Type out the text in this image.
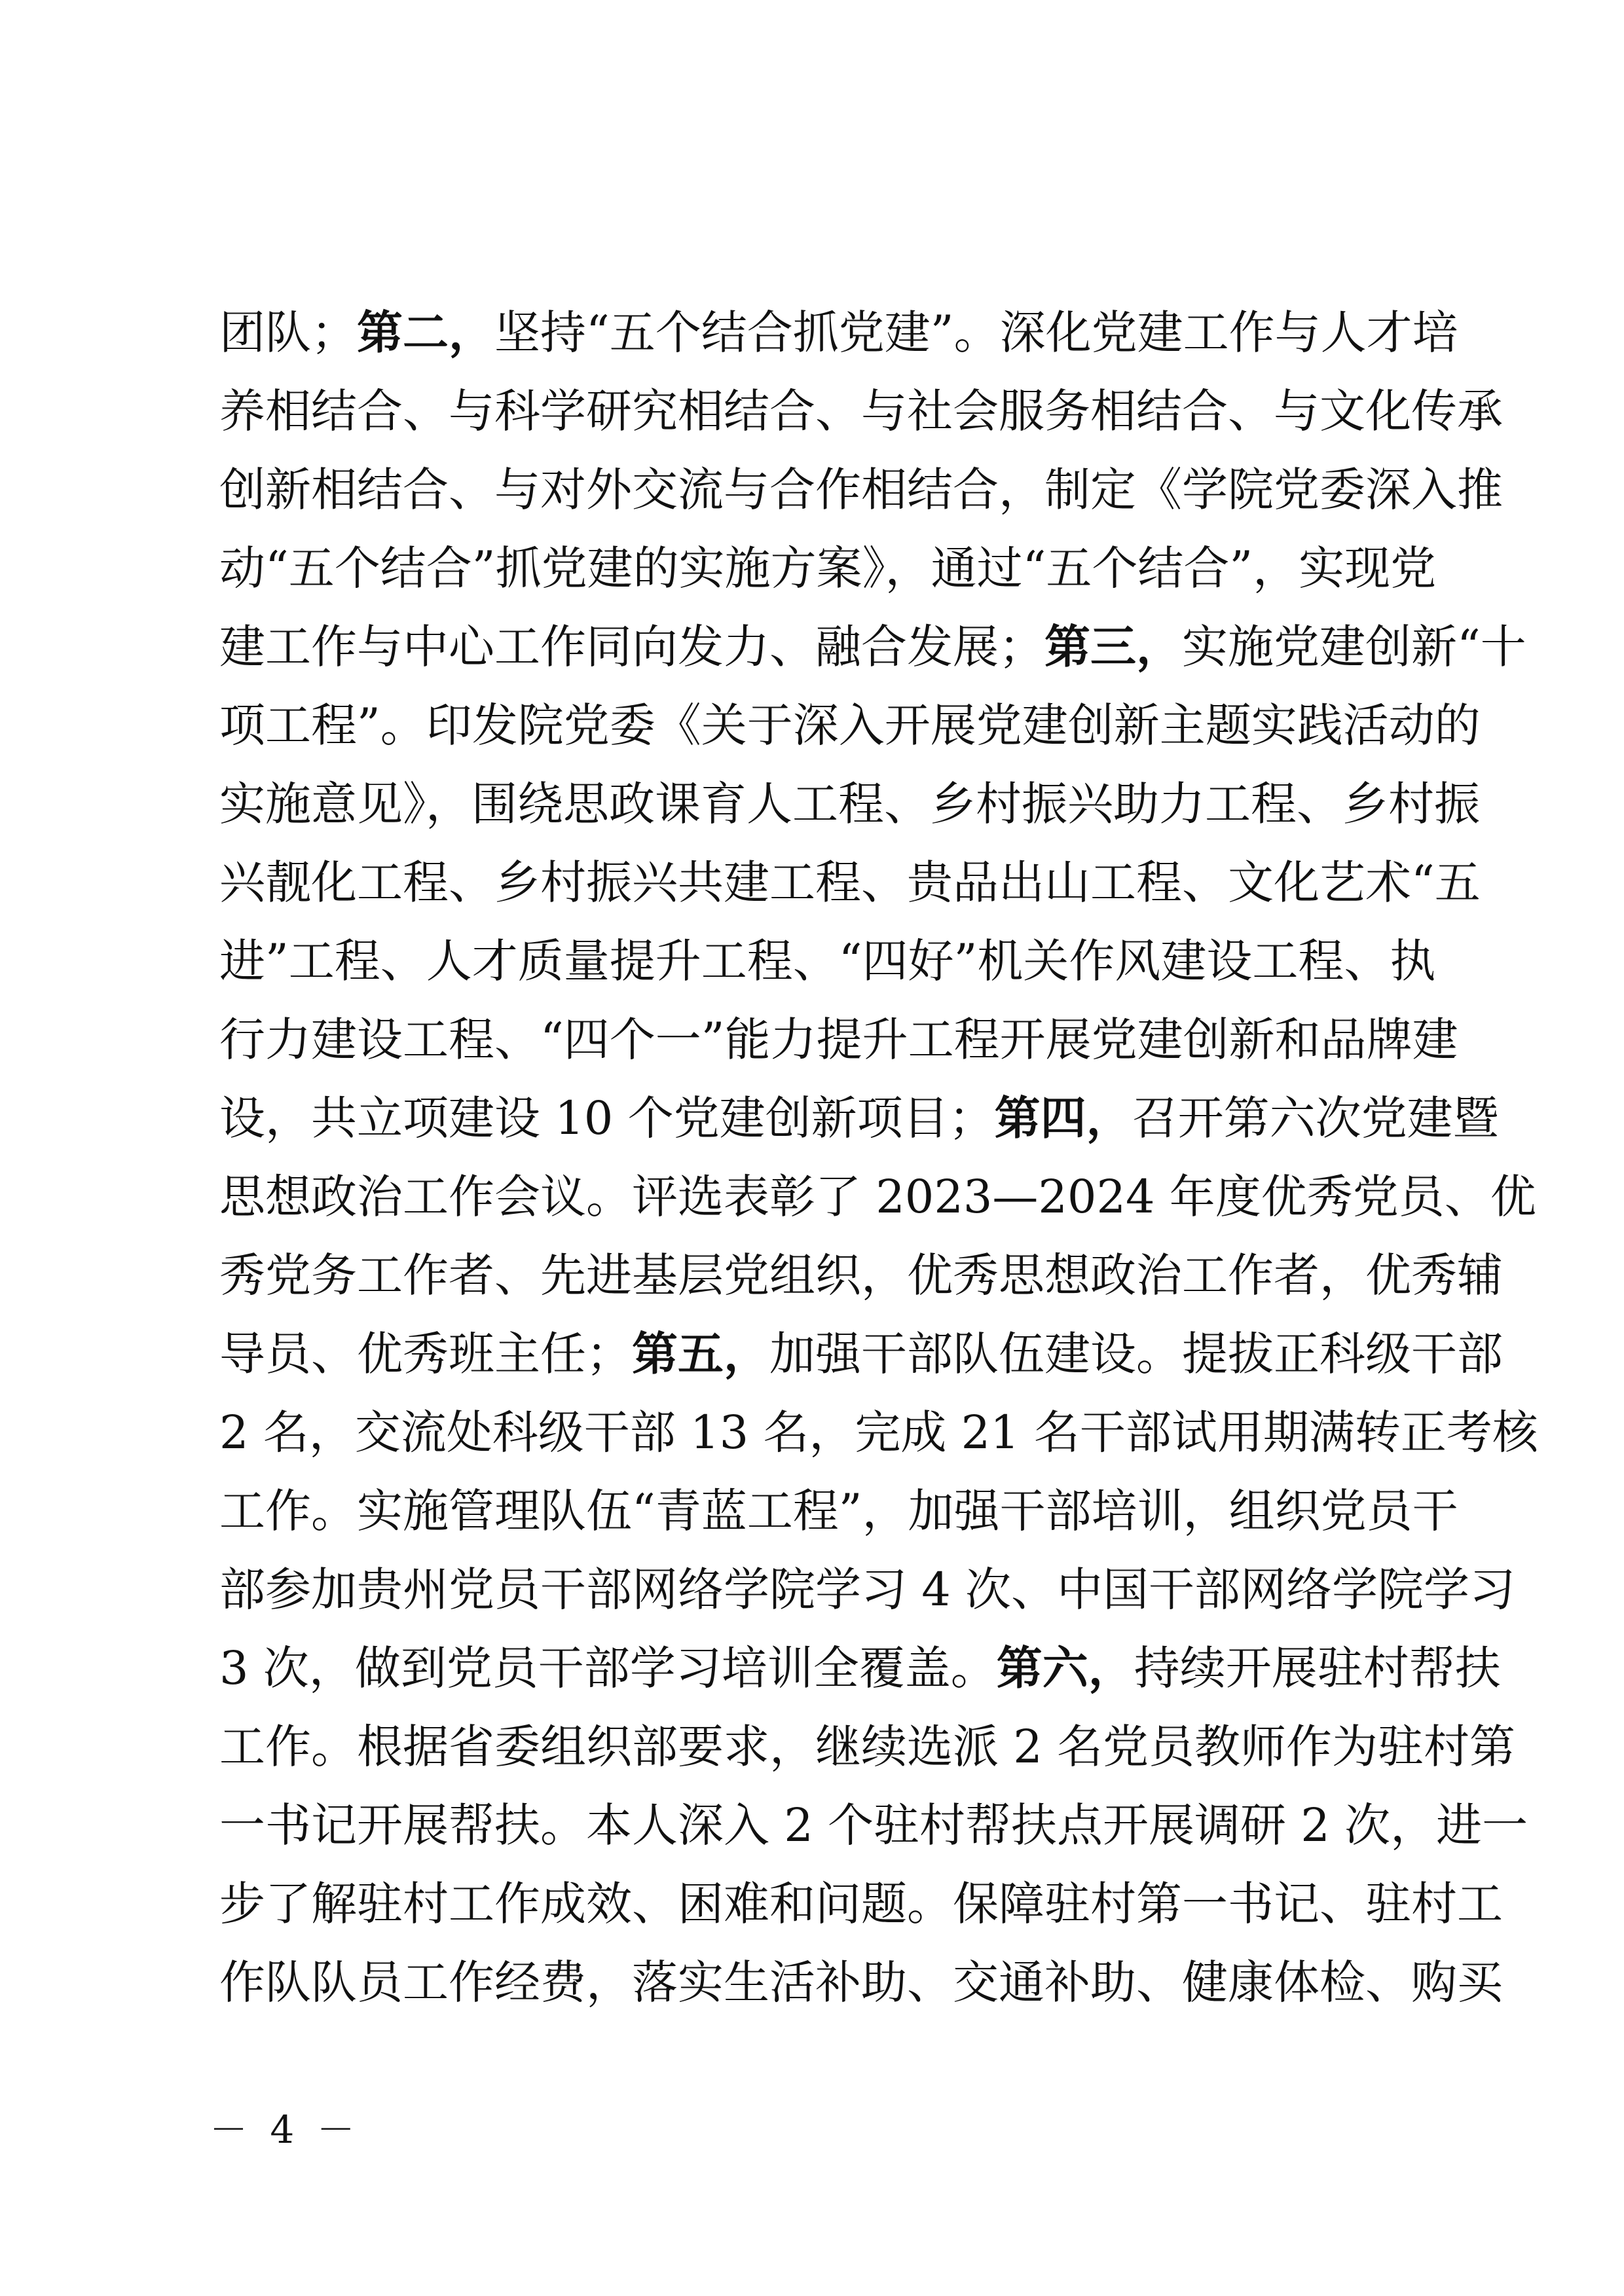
团队；第二，坚持“五个结合抓党建”。深化党建工作与人才培
养相结合、与科学研究相结合、与社会服务相结合、与文化传承
创新相结合、与对外交流与合作相结合，制定《学院党委深入推
动“五个结合”抓党建的实施方案》，通过“五个结合”，实现党
建工作与中心工作同向发力、融合发展；第三，实施党建创新“十
项工程”。印发院党委《关于深入开展党建创新主题实践活动的
实施意见》，围绕思政课育人工程、乡村振兴助力工程、乡村振
兴靓化工程、乡村振兴共建工程、贵品出山工程、文化艺术“五
进”工程、人才质量提升工程、“四好”机关作风建设工程、执
行力建设工程、“四个一”能力提升工程开展党建创新和品牌建
设，共立项建设 10 个党建创新项目；第四，召开第六次党建暨
思想政治工作会议。评选表彰了 2023—2024 年度优秀党员、优
秀党务工作者、先进基层党组织，优秀思想政治工作者，优秀辅
导员、优秀班主任；第五，加强干部队伍建设。提拔正科级干部
2 名，交流处科级干部 13 名，完成 21 名干部试用期满转正考核
工作。实施管理队伍“青蓝工程”，加强干部培训，组织党员干
部参加贵州党员干部网络学院学习 4 次、中国干部网络学院学习
3 次，做到党员干部学习培训全覆盖。第六，持续开展驻村帮扶
工作。根据省委组织部要求，继续选派 2 名党员教师作为驻村第
一书记开展帮扶。本人深入 2 个驻村帮扶点开展调研 2 次，进一
步了解驻村工作成效、困难和问题。保障驻村第一书记、驻村工
作队队员工作经费，落实生活补助、交通补助、健康体检、购买
－ 4 －
